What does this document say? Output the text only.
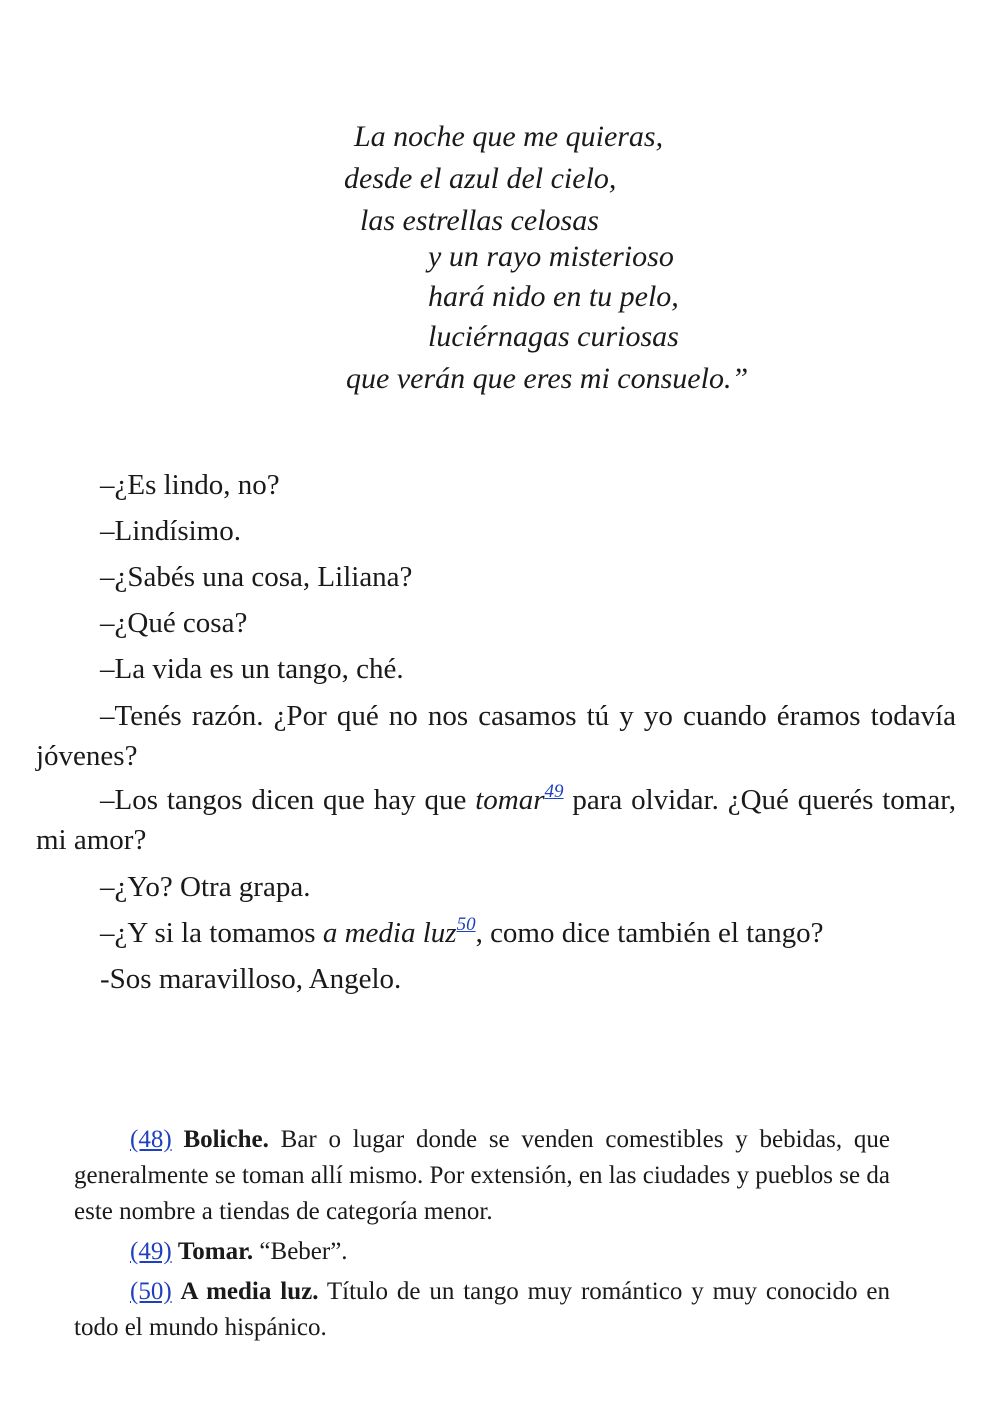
La noche que me quieras,
desde el azul del cielo,
las estrellas celosas
y un rayo misterioso
hará nido en tu pelo,
luciérnagas curiosas
que verán que eres mi consuelo.”

–¿Es lindo, no?

–Lindísimo.

–¿Sabés una cosa, Liliana?

–¿Qué cosa?

–La vida es un tango, ché.

–Tenés razón. ¿Por qué no nos casamos tú y yo cuando éramos todavía jóvenes?

–Los tangos dicen que hay que tomar$^{49}$ para olvidar. ¿Qué querés tomar, mi amor?

–¿Yo? Otra grapa.

–¿Y si la tomamos a media luz$^{50}$, como dice también el tango?

-Sos maravilloso, Angelo.

(48) Boliche. Bar o lugar donde se venden comestibles y bebidas, que generalmente se toman allí mismo. Por extensión, en las ciudades y pueblos se da este nombre a tiendas de categoría menor.

(49) Tomar. “Beber”.

(50) A media luz. Título de un tango muy romántico y muy conocido en todo el mundo hispánico.
